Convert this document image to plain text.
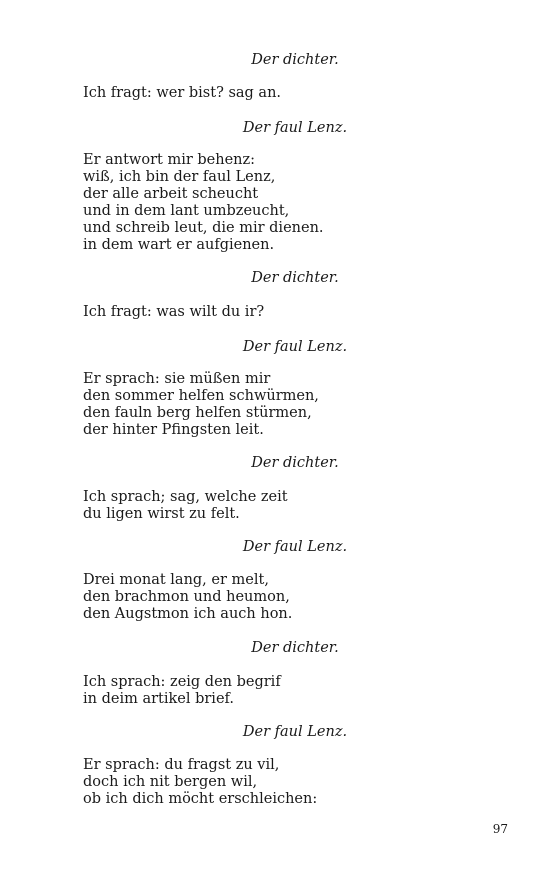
Der dichter.
Ich fragt: wer bist? sag an.
Der faul Lenz.
Er antwort mir behenz:
wiß, ich bin der faul Lenz,
der alle arbeit scheucht
und in dem lant umbzeucht,
und schreib leut, die mir dienen.
in dem wart er aufgienen.
Der dichter.
Ich fragt: was wilt du ir?
Der faul Lenz.
Er sprach: sie müßen mir
den sommer helfen schwürmen,
den fauln berg helfen stürmen,
der hinter Pfingsten leit.
Der dichter.
Ich sprach; sag, welche zeit
du ligen wirst zu felt.
Der faul Lenz.
Drei monat lang, er melt,
den brachmon und heumon,
den Augstmon ich auch hon.
Der dichter.
Ich sprach: zeig den begrif
in deim artikel brief.
Der faul Lenz.
Er sprach: du fragst zu vil,
doch ich nit bergen wil,
ob ich dich möcht erschleichen:
97
